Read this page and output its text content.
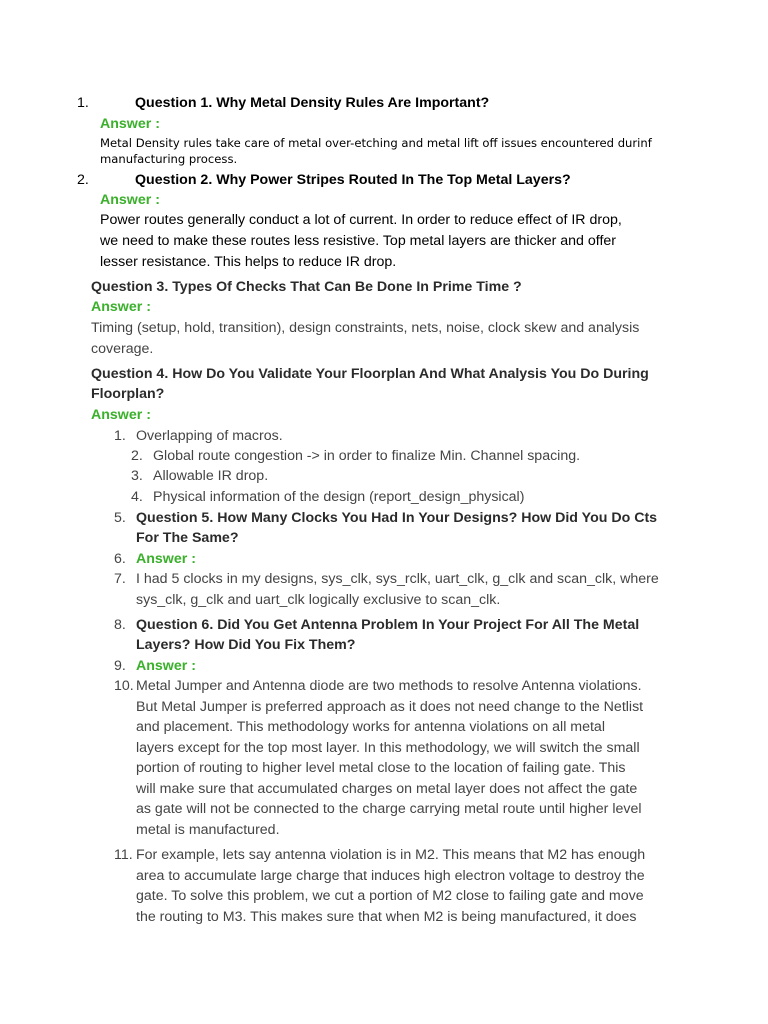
1.	Question 1. Why Metal Density Rules Are Important?
Answer :
Metal Density rules take care of metal over-etching and metal lift off issues encountered durinf
manufacturing process.
2.	Question 2. Why Power Stripes Routed In The Top Metal Layers?
Answer :
Power routes generally conduct a lot of current. In order to reduce effect of IR drop,
we need to make these routes less resistive. Top metal layers are thicker and offer
lesser resistance. This helps to reduce IR drop.
Question 3. Types Of Checks That Can Be Done In Prime Time ?
Answer :
Timing (setup, hold, transition), design constraints, nets, noise, clock skew and analysis
coverage.
Question 4. How Do You Validate Your Floorplan And What Analysis You Do During
Floorplan?
Answer :
1. Overlapping of macros.
2. Global route congestion -> in order to finalize Min. Channel spacing.
3. Allowable IR drop.
4. Physical information of the design (report_design_physical)
5. Question 5. How Many Clocks You Had In Your Designs? How Did You Do Cts
For The Same?
6. Answer :
7. I had 5 clocks in my designs, sys_clk, sys_rclk, uart_clk, g_clk and scan_clk, where
sys_clk, g_clk and uart_clk logically exclusive to scan_clk.
8. Question 6. Did You Get Antenna Problem In Your Project For All The Metal
Layers? How Did You Fix Them?
9. Answer :
10. Metal Jumper and Antenna diode are two methods to resolve Antenna violations.
But Metal Jumper is preferred approach as it does not need change to the Netlist
and placement. This methodology works for antenna violations on all metal
layers except for the top most layer. In this methodology, we will switch the small
portion of routing to higher level metal close to the location of failing gate. This
will make sure that accumulated charges on metal layer does not affect the gate
as gate will not be connected to the charge carrying metal route until higher level
metal is manufactured.
11. For example, lets say antenna violation is in M2. This means that M2 has enough
area to accumulate large charge that induces high electron voltage to destroy the
gate. To solve this problem, we cut a portion of M2 close to failing gate and move
the routing to M3. This makes sure that when M2 is being manufactured, it does
